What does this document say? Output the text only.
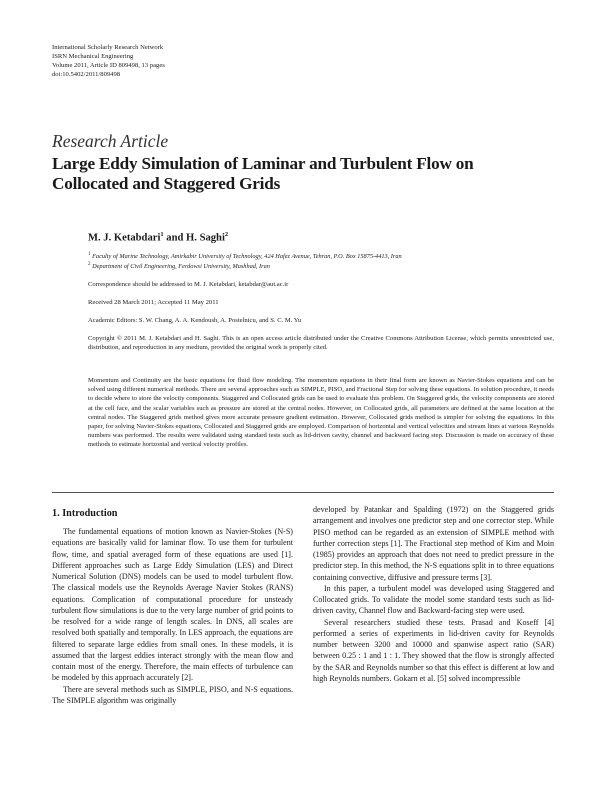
International Scholarly Research Network
ISRN Mechanical Engineering
Volume 2011, Article ID 809498, 13 pages
doi:10.5402/2011/809498
Research Article
Large Eddy Simulation of Laminar and Turbulent Flow on Collocated and Staggered Grids
M. J. Ketabdari$^1$ and H. Saghi$^2$
$^1$ Faculty of Marine Technology, Amirkabir University of Technology, 424 Hafez Avenue, Tehran, P.O. Box 15875-4413, Iran
$^2$ Department of Civil Engineering, Ferdowsi University, Mashhad, Iran
Correspondence should be addressed to M. J. Ketabdari, ketabdar@aut.ac.ir
Received 28 March 2011; Accepted 11 May 2011
Academic Editors: S. W. Chang, A. A. Kendoush, A. Postelnicu, and S. C. M. Yu
Copyright © 2011 M. J. Ketabdari and H. Saghi. This is an open access article distributed under the Creative Commons Attribution License, which permits unrestricted use, distribution, and reproduction in any medium, provided the original work is properly cited.
Momentum and Continuity are the basic equations for fluid flow modeling. The momentum equations in their final form are known as Navier-Stokes equations and can be solved using different numerical methods. There are several approaches such as SIMPLE, PISO, and Fractional Step for solving these equations. In solution procedure, it needs to decide where to store the velocity components. Staggered and Collocated grids can be used to evaluate this problem. On Staggered grids, the velocity components are stored at the cell face, and the scalar variables such as pressure are stored at the central nodes. However, on Collocated grids, all parameters are defined at the same location at the central nodes. The Staggered grids method gives more accurate pressure gradient estimation. However, Collocated grids method is simpler for solving the equations. In this paper, for solving Navier-Stokes equations, Collocated and Staggered grids are employed. Comparison of horizontal and vertical velocities and stream lines at various Reynolds numbers was performed. The results were validated using standard tests such as lid-driven cavity, channel and backward facing step. Discussion is made on accuracy of these methods to estimate horizontal and vertical velocity profiles.
1. Introduction

The fundamental equations of motion known as Navier-Stokes (N-S) equations are basically valid for laminar flow. To use them for turbulent flow, time, and spatial averaged form of these equations are used [1]. Different approaches such as Large Eddy Simulation (LES) and Direct Numerical Solution (DNS) models can be used to model turbulent flow. The classical models use the Reynolds Average Navier Stokes (RANS) equations. Complication of computational procedure for unsteady turbulent flow simulations is due to the very large number of grid points to be resolved for a wide range of length scales. In DNS, all scales are resolved both spatially and temporally. In LES approach, the equations are filtered to separate large eddies from small ones. In these models, it is assumed that the largest eddies interact strongly with the mean flow and contain most of the energy. Therefore, the main effects of turbulence can be modeled by this approach accurately [2].

There are several methods such as SIMPLE, PISO, and N-S equations. The SIMPLE algorithm was originally

developed by Patankar and Spalding (1972) on the Staggered grids arrangement and involves one predictor step and one corrector step. While PISO method can be regarded as an extension of SIMPLE method with further correction steps [1]. The Fractional step method of Kim and Moin (1985) provides an approach that does not need to predict pressure in the predictor step. In this method, the N-S equations split in to three equations containing convective, diffusive and pressure terms [3].

In this paper, a turbulent model was developed using Staggered and Collocated grids. To validate the model some standard tests such as lid-driven cavity, Channel flow and Backward-facing step were used.

Several researchers studied these tests. Prasad and Koseff [4] performed a series of experiments in lid-driven cavity for Reynolds number between 3200 and 10000 and spanwise aspect ratio (SAR) between 0.25 : 1 and 1 : 1. They showed that the flow is strongly affected by the SAR and Reynolds number so that this effect is different at low and high Reynolds numbers. Gokarn et al. [5] solved incompressible
